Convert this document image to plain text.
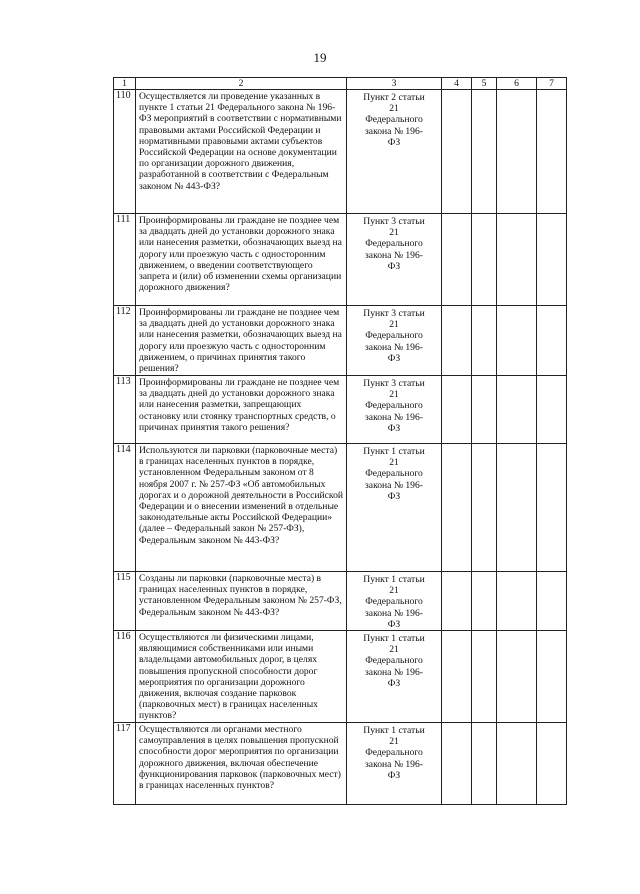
19
1	2	3	4	5	6	7
110	Осуществляется ли проведение указанных в пункте 1 статьи 21 Федерального закона № 196-ФЗ мероприятий в соответствии с нормативными правовыми актами Российской Федерации и нормативными правовыми актами субъектов Российской Федерации на основе документации по организации дорожного движения, разработанной в соответствии с Федеральным законом № 443-ФЗ?	Пункт 2 статьи 21 Федерального закона № 196-ФЗ				
111	Проинформированы ли граждане не позднее чем за двадцать дней до установки дорожного знака или нанесения разметки, обозначающих выезд на дорогу или проезжую часть с односторонним движением, о введении соответствующего запрета и (или) об изменении схемы организации дорожного движения?	Пункт 3 статьи 21 Федерального закона № 196-ФЗ				
112	Проинформированы ли граждане не позднее чем за двадцать дней до установки дорожного знака или нанесения разметки, обозначающих выезд на дорогу или проезжую часть с односторонним движением, о причинах принятия такого решения?	Пункт 3 статьи 21 Федерального закона № 196-ФЗ				
113	Проинформированы ли граждане не позднее чем за двадцать дней до установки дорожного знака или нанесения разметки, запрещающих остановку или стоянку транспортных средств, о причинах принятия такого решения?	Пункт 3 статьи 21 Федерального закона № 196-ФЗ				
114	Используются ли парковки (парковочные места) в границах населенных пунктов в порядке, установленном Федеральным законом от 8 ноября 2007 г. № 257-ФЗ «Об автомобильных дорогах и о дорожной деятельности в Российской Федерации и о внесении изменений в отдельные законодательные акты Российской Федерации» (далее – Федеральный закон № 257-ФЗ), Федеральным законом № 443-ФЗ?	Пункт 1 статьи 21 Федерального закона № 196-ФЗ				
115	Созданы ли парковки (парковочные места) в границах населенных пунктов в порядке, установленном Федеральным законом № 257-ФЗ, Федеральным законом № 443-ФЗ?	Пункт 1 статьи 21 Федерального закона № 196-ФЗ				
116	Осуществляются ли физическими лицами, являющимися собственниками или иными владельцами автомобильных дорог, в целях повышения пропускной способности дорог мероприятия по организации дорожного движения, включая создание парковок (парковочных мест) в границах населенных пунктов?	Пункт 1 статьи 21 Федерального закона № 196-ФЗ				
117	Осуществляются ли органами местного самоуправления в целях повышения пропускной способности дорог мероприятия по организации дорожного движения, включая обеспечение функционирования парковок (парковочных мест) в границах населенных пунктов?	Пункт 1 статьи 21 Федерального закона № 196-ФЗ				
